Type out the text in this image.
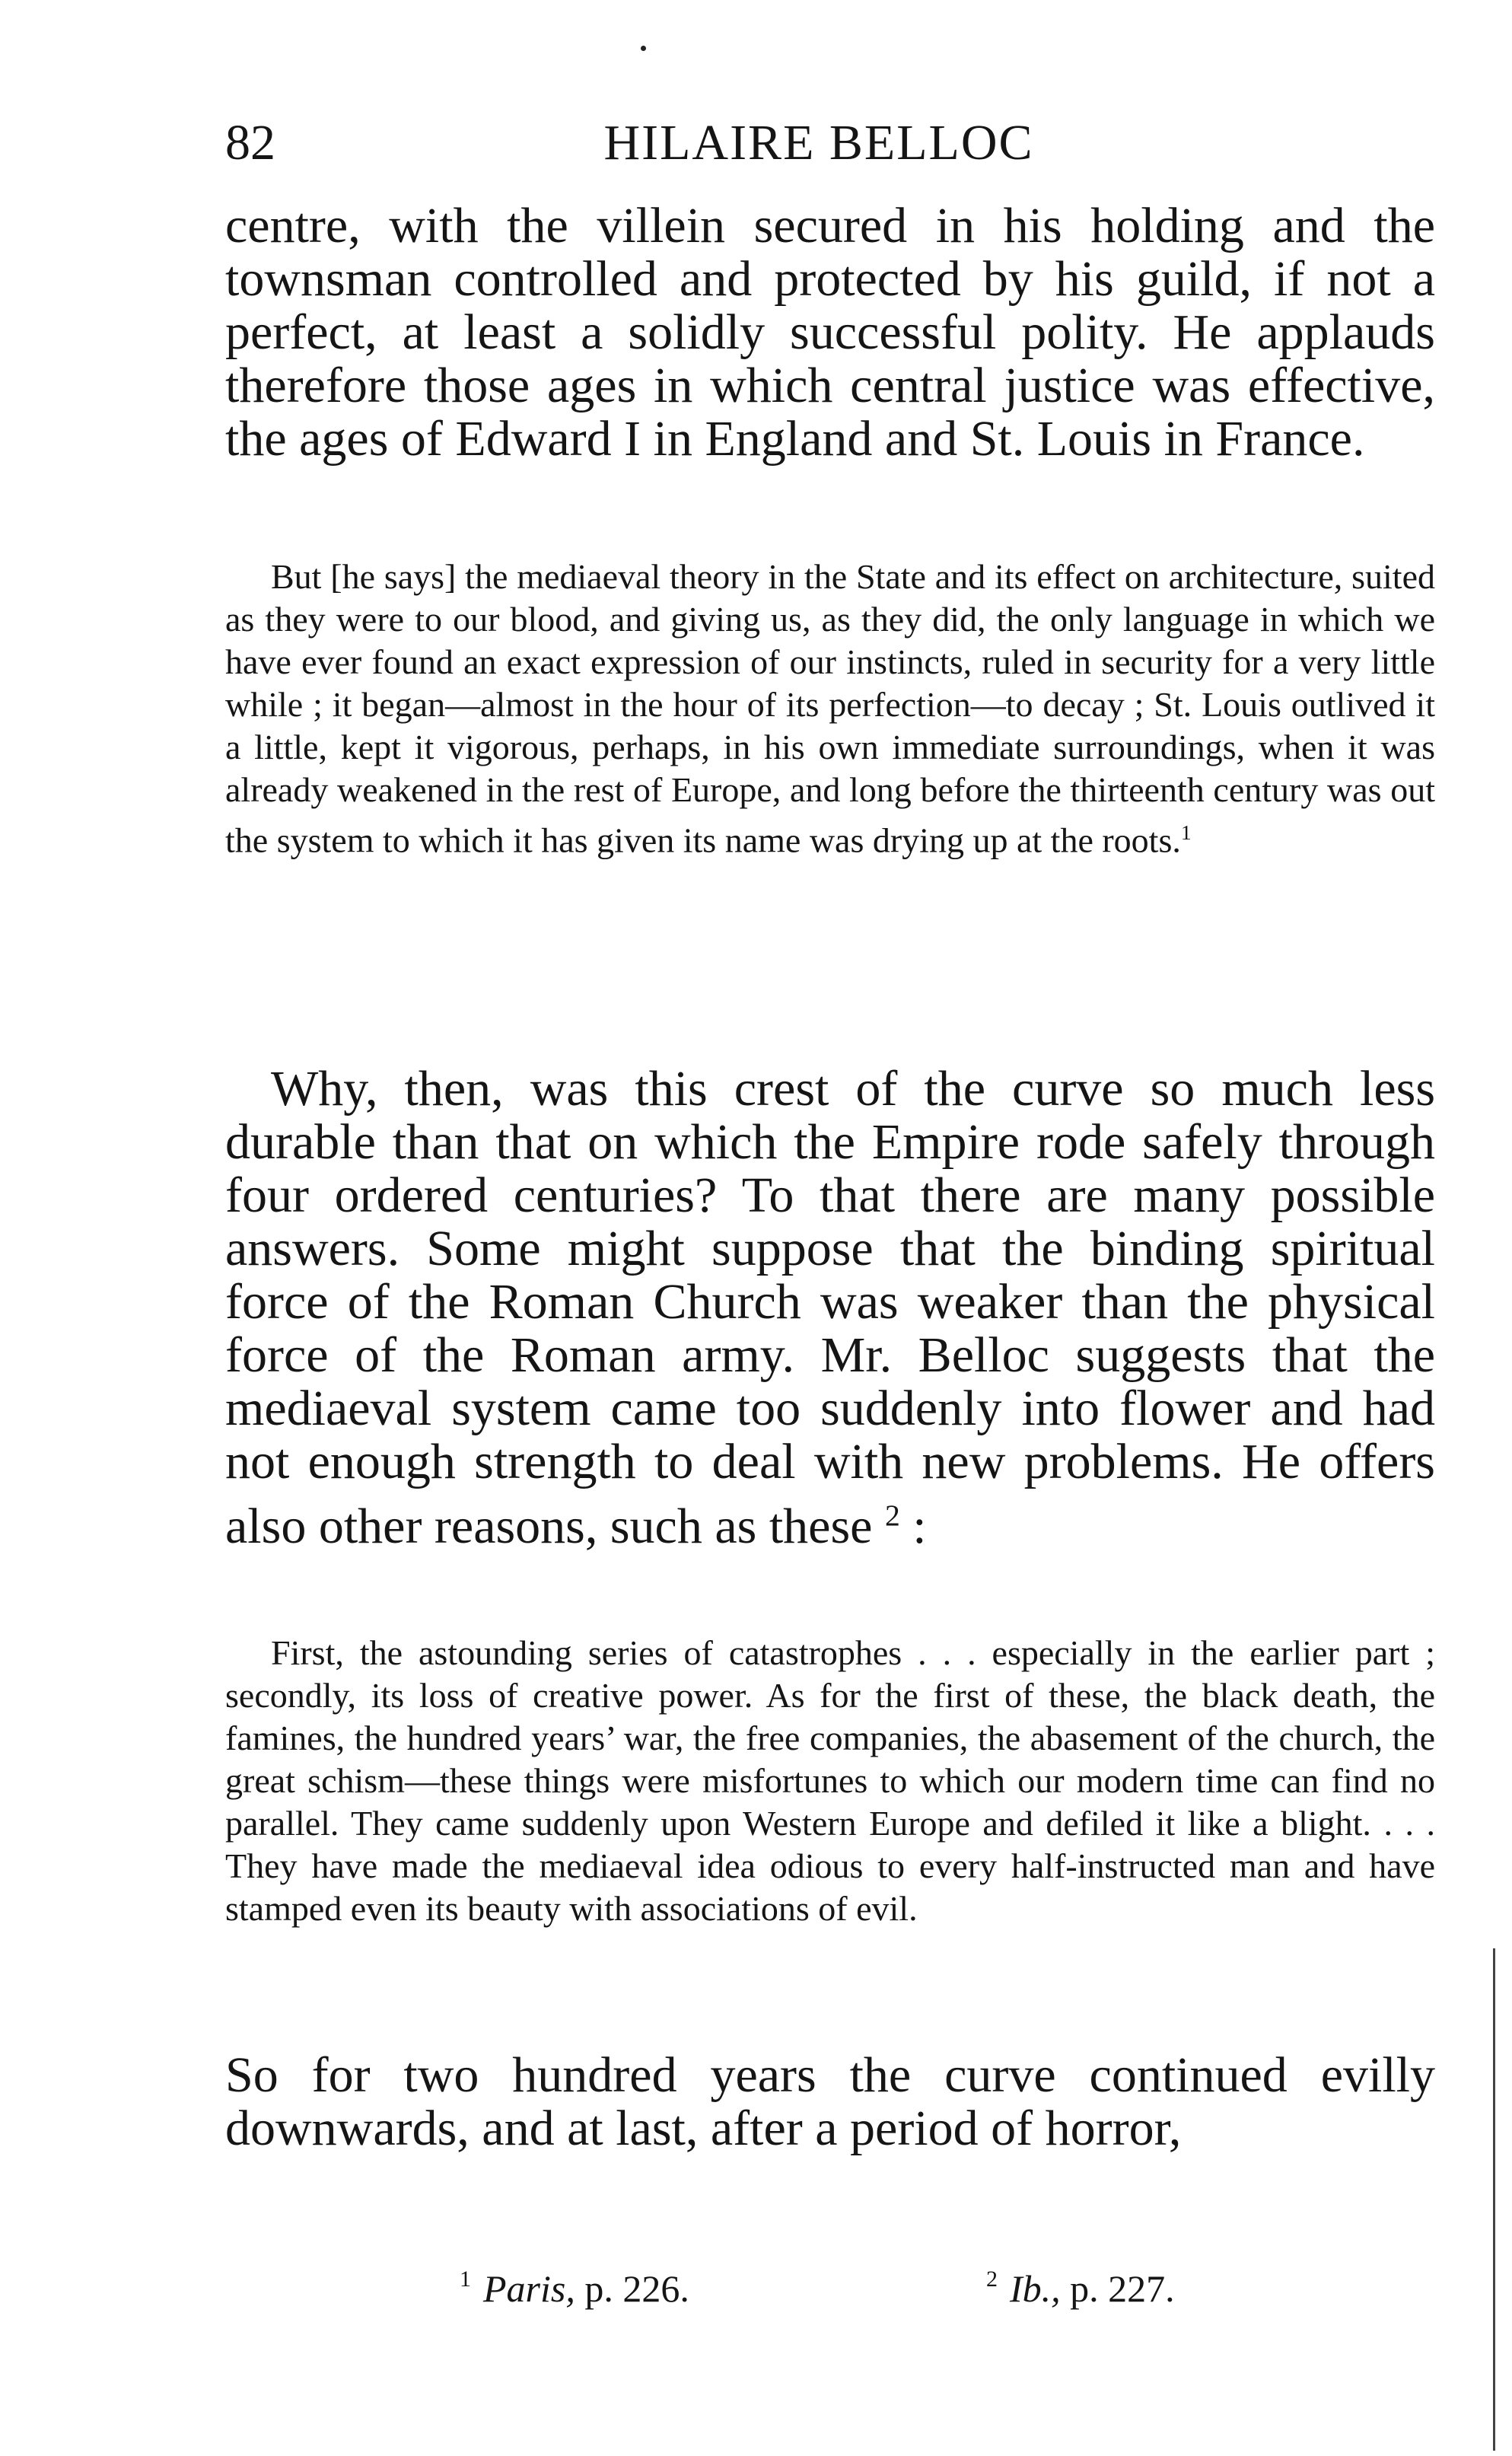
82	HILAIRE BELLOC

centre, with the villein secured in his holding and the townsman controlled and protected by his guild, if not a perfect, at least a solidly successful polity. He applauds therefore those ages in which central justice was effective, the ages of Edward I in England and St. Louis in France.

But [he says] the mediaeval theory in the State and its effect on architecture, suited as they were to our blood, and giving us, as they did, the only language in which we have ever found an exact expression of our instincts, ruled in security for a very little while ; it began—almost in the hour of its perfection—to decay ; St. Louis outlived it a little, kept it vigorous, perhaps, in his own immediate surroundings, when it was already weakened in the rest of Europe, and long before the thirteenth century was out the system to which it has given its name was drying up at the roots.$^1$

Why, then, was this crest of the curve so much less durable than that on which the Empire rode safely through four ordered centuries? To that there are many possible answers. Some might suppose that the binding spiritual force of the Roman Church was weaker than the physical force of the Roman army. Mr. Belloc suggests that the mediaeval system came too suddenly into flower and had not enough strength to deal with new problems. He offers also other reasons, such as these $^2$ :

First, the astounding series of catastrophes . . . especially in the earlier part ; secondly, its loss of creative power. As for the first of these, the black death, the famines, the hundred years’ war, the free companies, the abasement of the church, the great schism—these things were misfortunes to which our modern time can find no parallel. They came suddenly upon Western Europe and defiled it like a blight. . . . They have made the mediaeval idea odious to every half-instructed man and have stamped even its beauty with associations of evil.

So for two hundred years the curve continued evilly downwards, and at last, after a period of horror,

$^1$ Paris, p. 226.	$^2$ Ib., p. 227.
